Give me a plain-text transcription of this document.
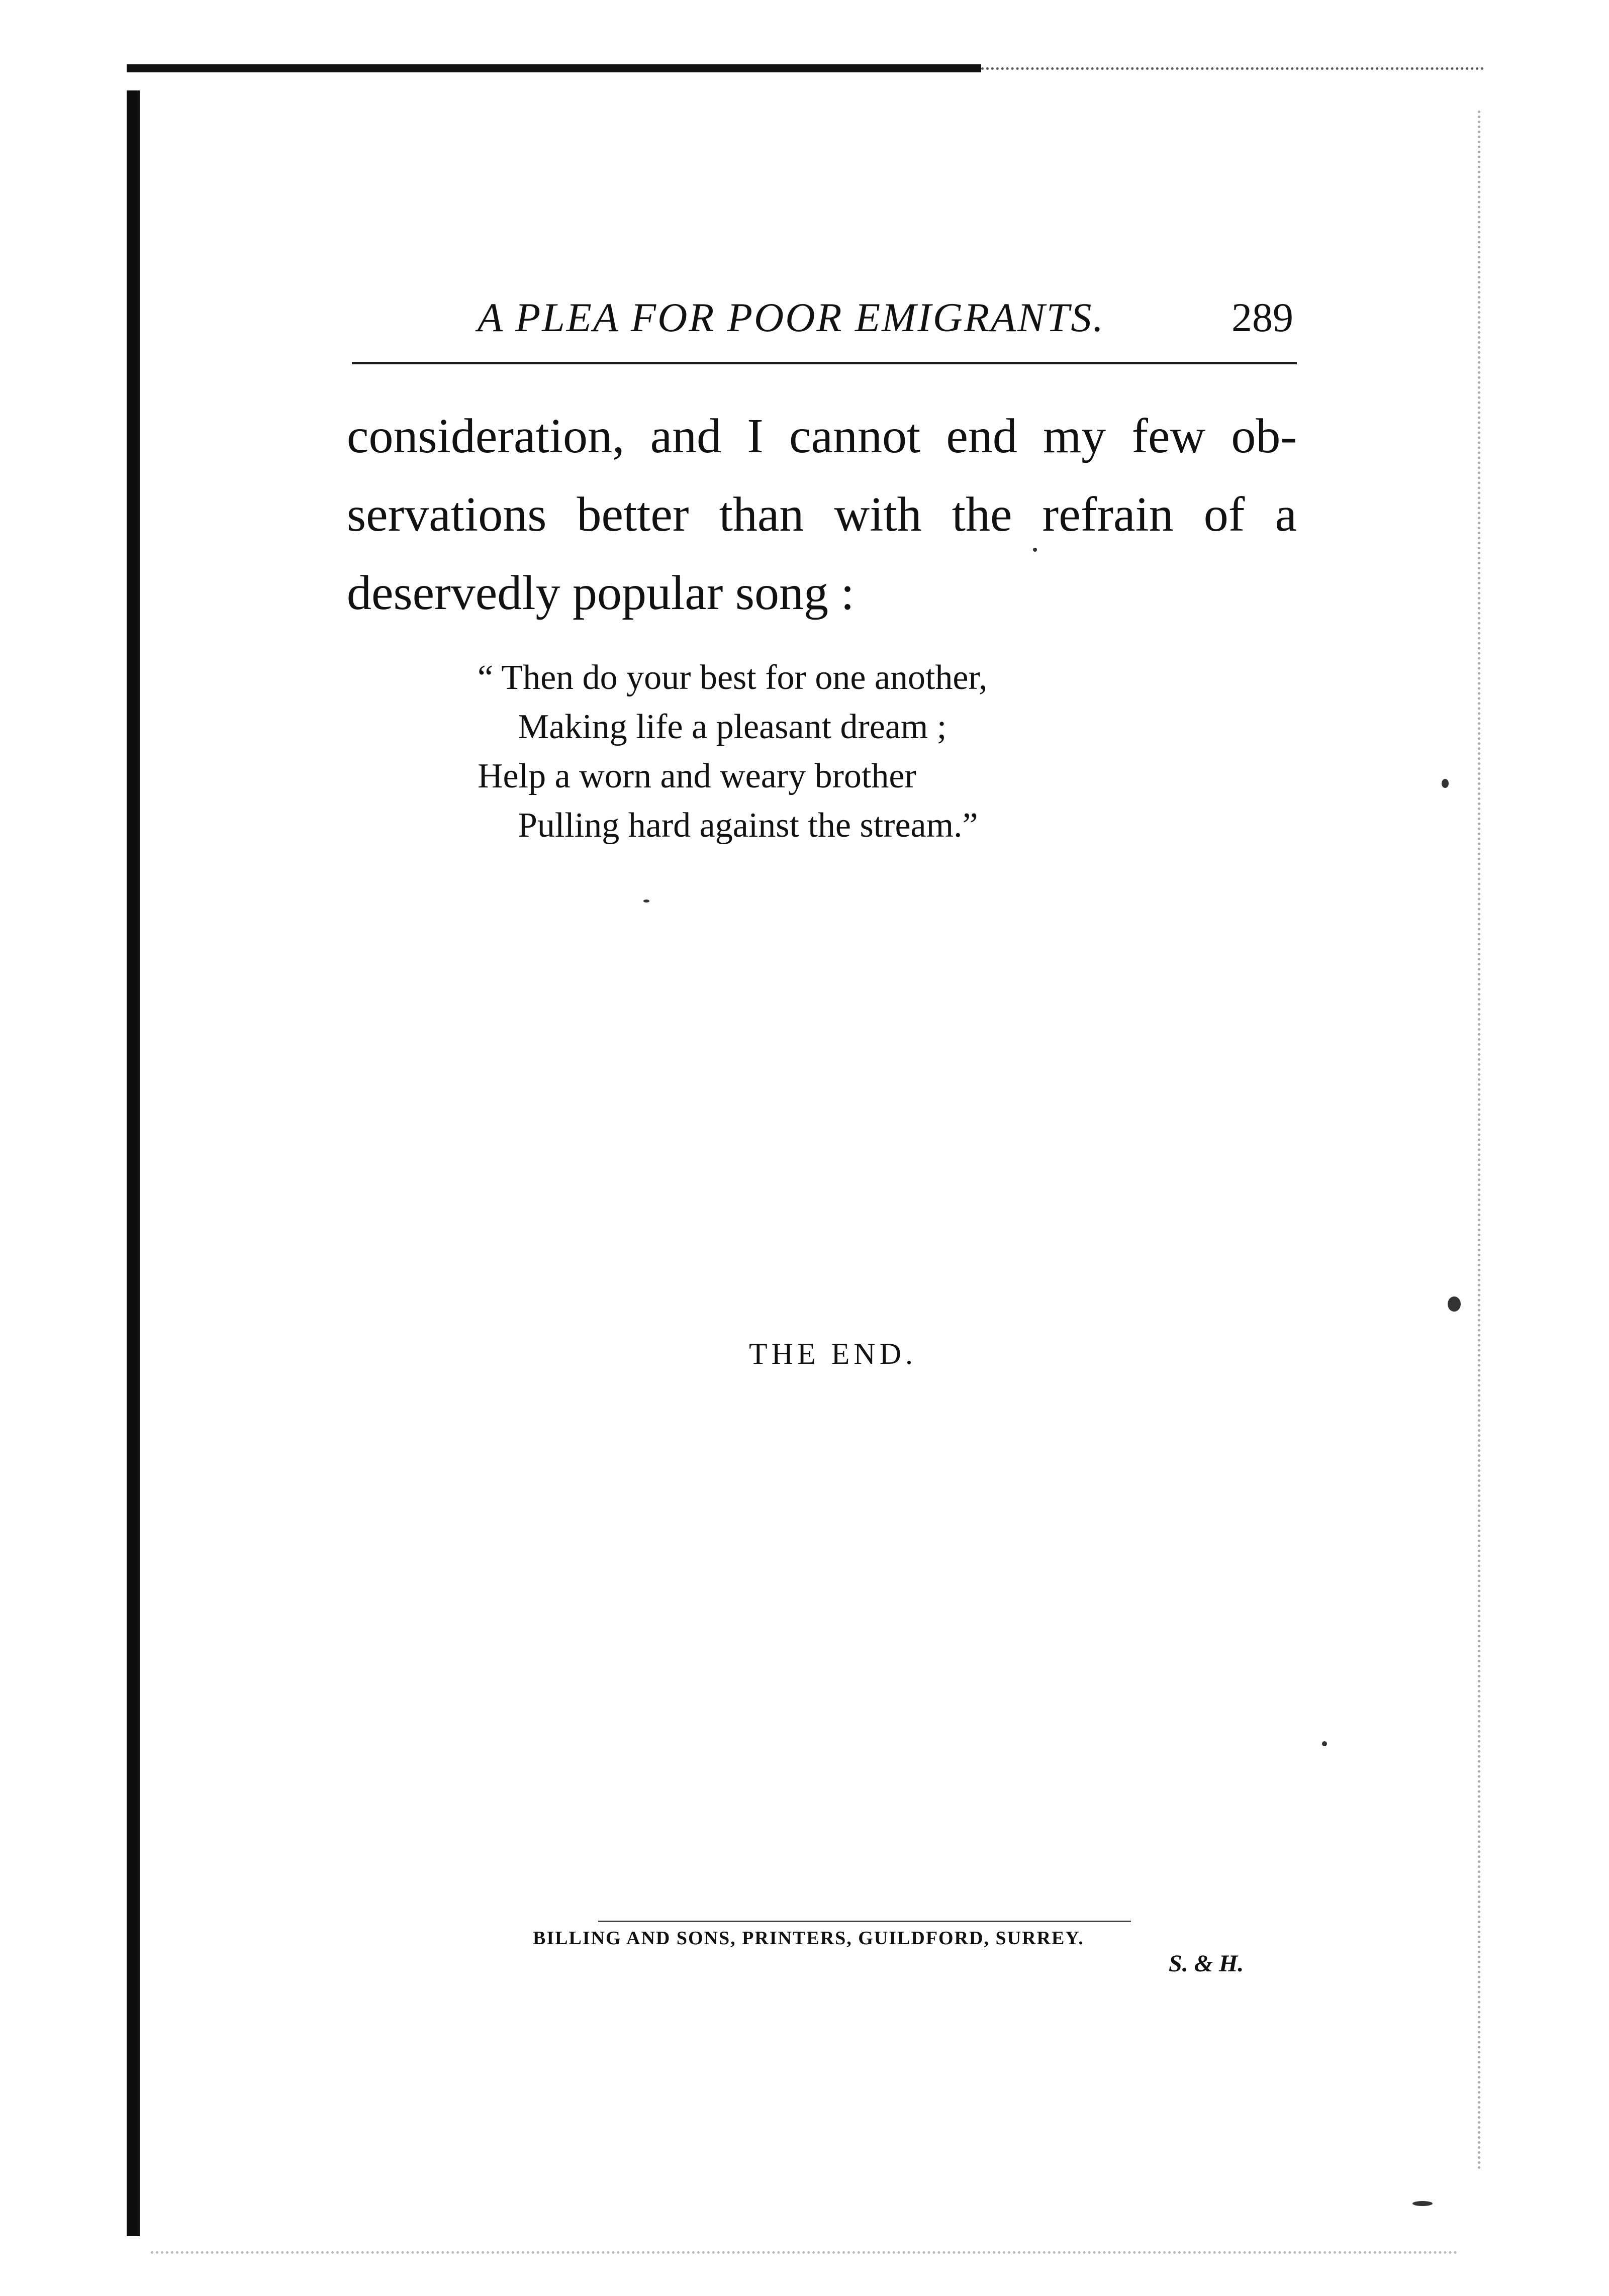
A PLEA FOR POOR EMIGRANTS.	289
consideration, and I cannot end my few ob-
servations better than with the refrain of a
deservedly popular song :
“ Then do your best for one another,
Making life a pleasant dream ;
Help a worn and weary brother
Pulling hard against the stream.”
THE END.
BILLING AND SONS, PRINTERS, GUILDFORD, SURREY.
S. & H.
